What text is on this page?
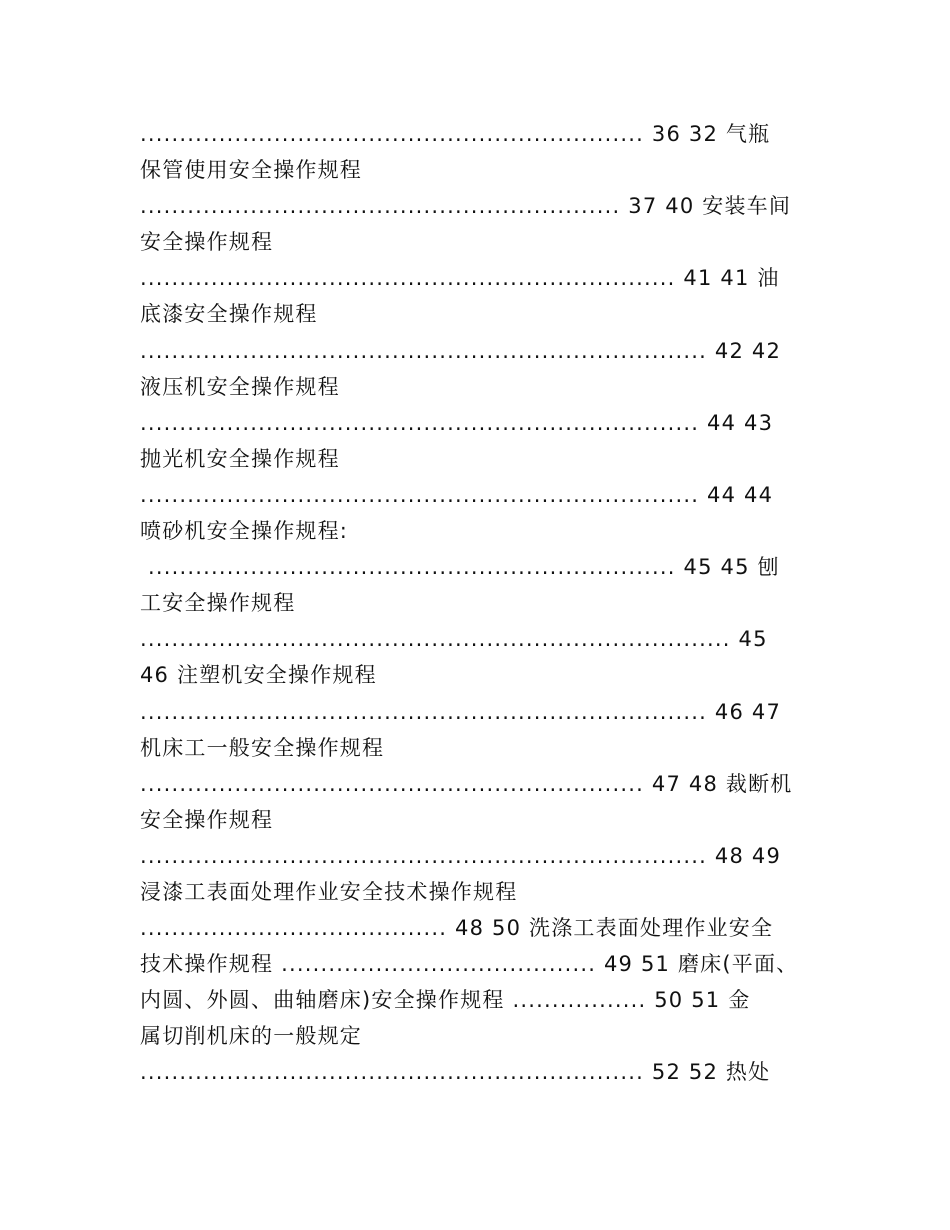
................................................................ 36 32 气瓶
保管使用安全操作规程
............................................................. 37 40 安装车间
安全操作规程
.................................................................... 41 41 油
底漆安全操作规程
........................................................................ 42 42
液压机安全操作规程
....................................................................... 44 43
抛光机安全操作规程
....................................................................... 44 44
喷砂机安全操作规程:
................................................................... 45 45 刨
工安全操作规程
........................................................................... 45
46 注塑机安全操作规程
........................................................................ 46 47
机床工一般安全操作规程
................................................................ 47 48 裁断机
安全操作规程
........................................................................ 48 49
浸漆工表面处理作业安全技术操作规程
....................................... 48 50 洗涤工表面处理作业安全
技术操作规程 ........................................ 49 51 磨床(平面、
内圆、外圆、曲轴磨床)安全操作规程 ................. 50 51 金
属切削机床的一般规定
................................................................ 52 52 热处
